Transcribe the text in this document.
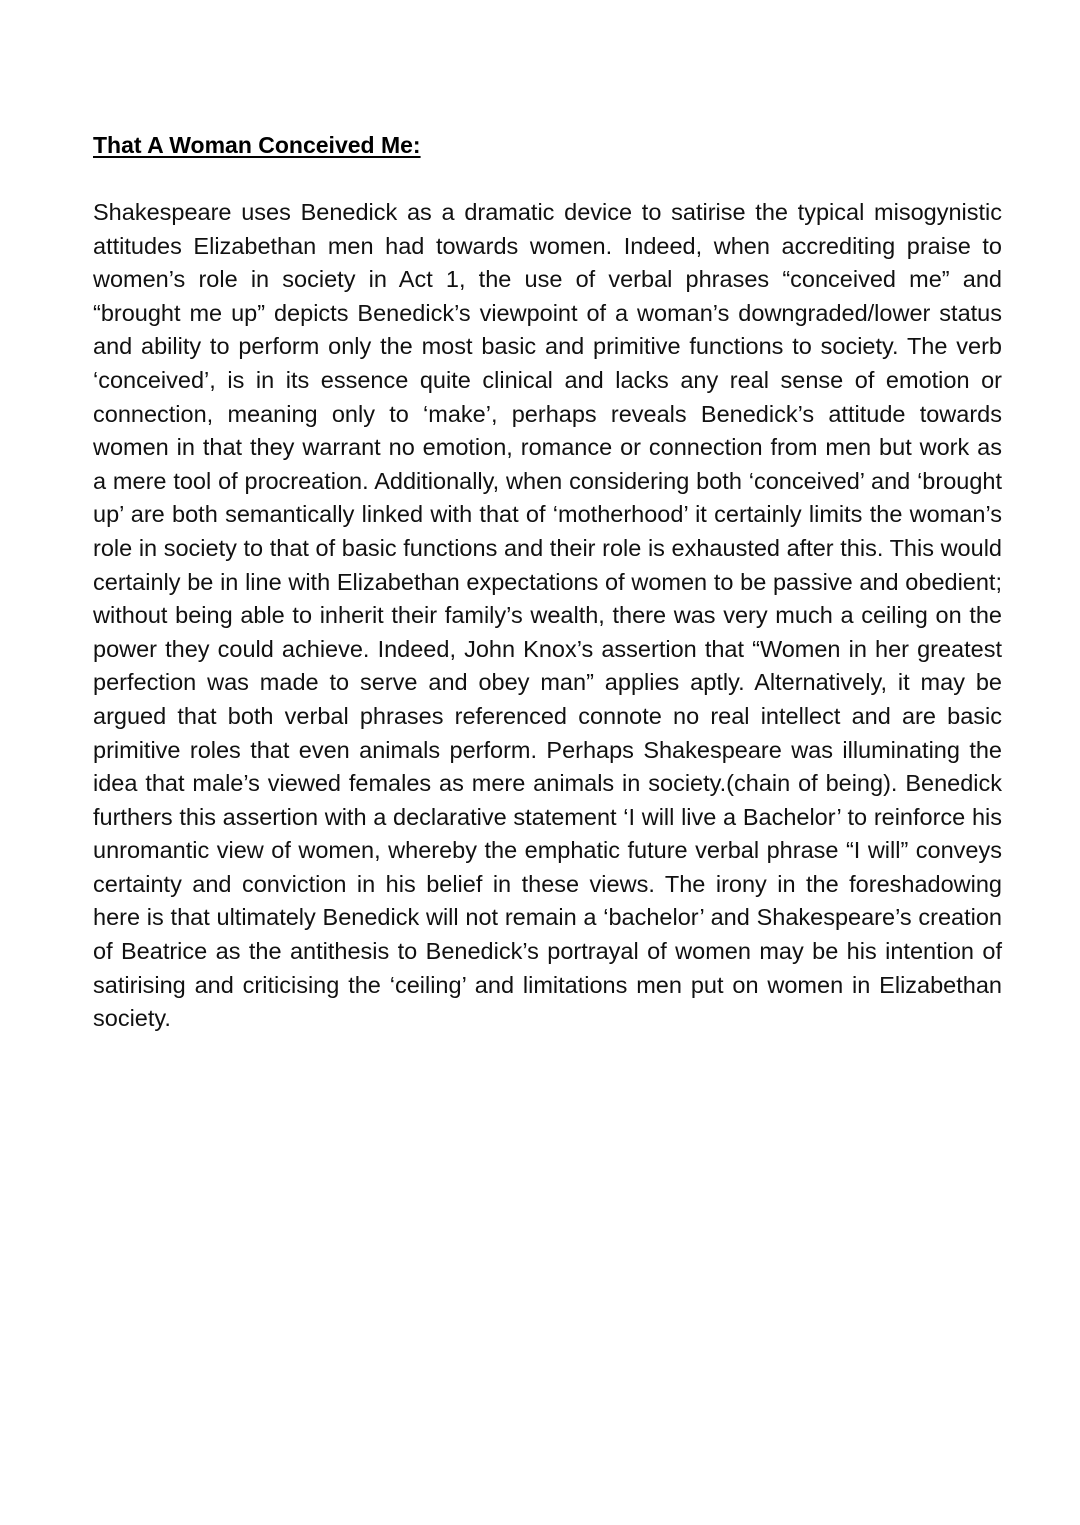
That A Woman Conceived Me:

Shakespeare uses Benedick as a dramatic device to satirise the typical misogynistic attitudes Elizabethan men had towards women. Indeed, when accrediting praise to women’s role in society in Act 1, the use of verbal phrases “conceived me” and “brought me up” depicts Benedick’s viewpoint of a woman’s downgraded/lower status and ability to perform only the most basic and primitive functions to society. The verb ‘conceived’, is in its essence quite clinical and lacks any real sense of emotion or connection, meaning only to ‘make’, perhaps reveals Benedick’s attitude towards women in that they warrant no emotion, romance or connection from men but work as a mere tool of procreation. Additionally, when considering both ‘conceived’ and ‘brought up’ are both semantically linked with that of ‘motherhood’ it certainly limits the woman’s role in society to that of basic functions and their role is exhausted after this. This would certainly be in line with Elizabethan expectations of women to be passive and obedient; without being able to inherit their family’s wealth, there was very much a ceiling on the power they could achieve. Indeed, John Knox’s assertion that “Women in her greatest perfection was made to serve and obey man” applies aptly. Alternatively, it may be argued that both verbal phrases referenced connote no real intellect and are basic primitive roles that even animals perform. Perhaps Shakespeare was illuminating the idea that male’s viewed females as mere animals in society.(chain of being). Benedick furthers this assertion with a declarative statement ‘I will live a Bachelor’ to reinforce his unromantic view of women, whereby the emphatic future verbal phrase “I will” conveys certainty and conviction in his belief in these views. The irony in the foreshadowing here is that ultimately Benedick will not remain a ‘bachelor’ and Shakespeare’s creation of Beatrice as the antithesis to Benedick’s portrayal of women may be his intention of satirising and criticising the ‘ceiling’ and limitations men put on women in Elizabethan society.
